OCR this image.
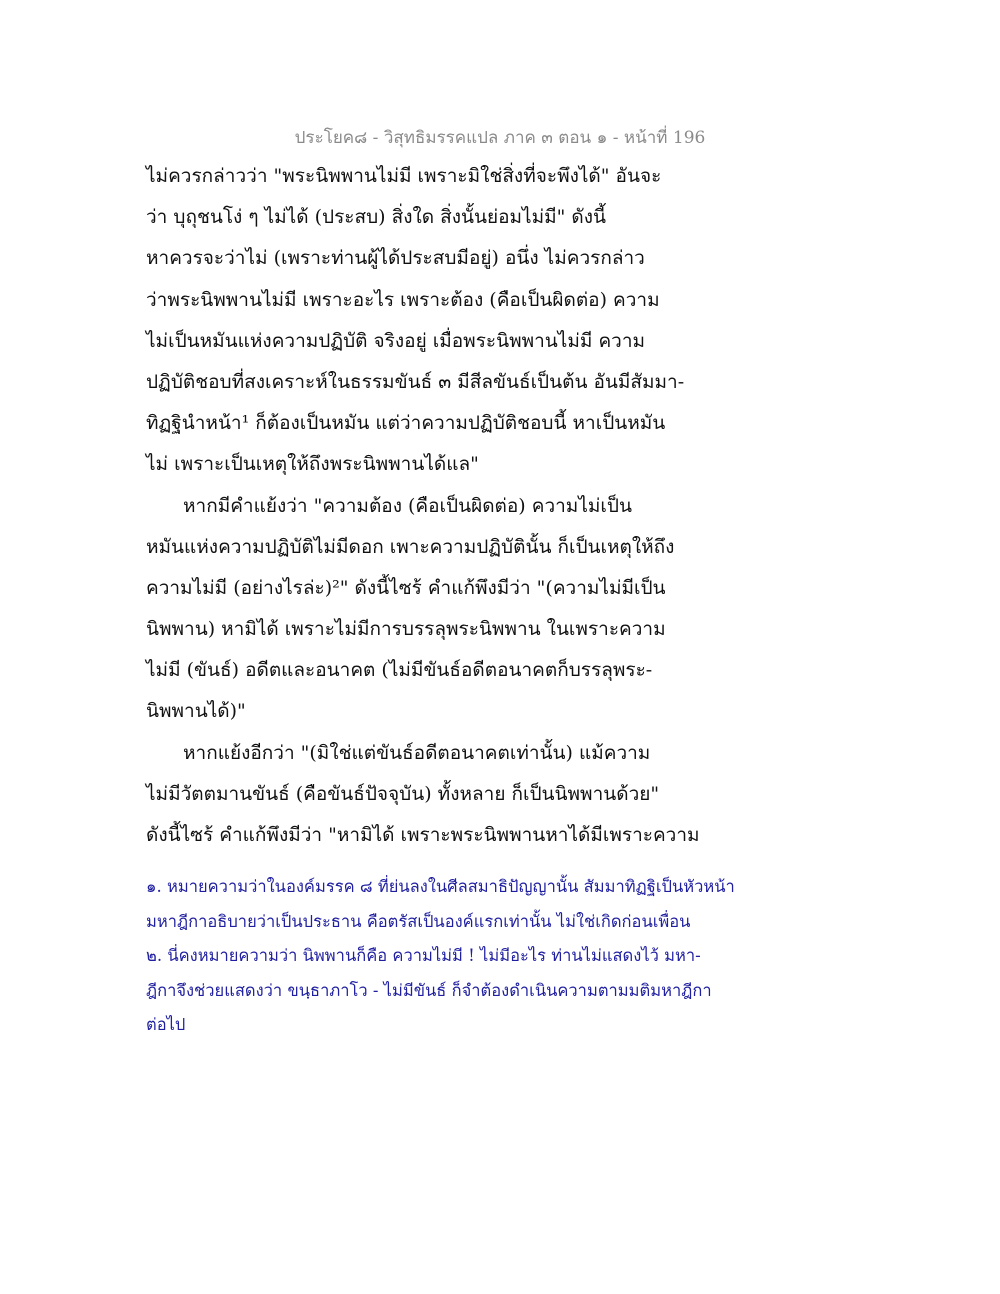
ประโยค๘ - วิสุทธิมรรคแปล ภาค ๓ ตอน ๑ - หน้าที่ 196
ไม่ควรกล่าวว่า "พระนิพพานไม่มี เพราะมิใช่สิ่งที่จะพึงได้" อันจะ
ว่า บุถุชนโง่ ๆ ไม่ได้ (ประสบ) สิ่งใด สิ่งนั้นย่อมไม่มี" ดังนี้
หาควรจะว่าไม่ (เพราะท่านผู้ได้ประสบมีอยู่) อนึ่ง ไม่ควรกล่าว
ว่าพระนิพพานไม่มี เพราะอะไร เพราะต้อง (คือเป็นผิดต่อ) ความ
ไม่เป็นหมันแห่งความปฏิบัติ จริงอยู่ เมื่อพระนิพพานไม่มี ความ
ปฏิบัติชอบที่สงเคราะห์ในธรรมขันธ์ ๓ มีสีลขันธ์เป็นต้น อันมีสัมมา-
ทิฏฐินำหน้า¹ ก็ต้องเป็นหมัน แต่ว่าความปฏิบัติชอบนี้ หาเป็นหมัน
ไม่ เพราะเป็นเหตุให้ถึงพระนิพพานได้แล"
หากมีคำแย้งว่า "ความต้อง (คือเป็นผิดต่อ) ความไม่เป็น
หมันแห่งความปฏิบัติไม่มีดอก เพาะความปฏิบัตินั้น ก็เป็นเหตุให้ถึง
ความไม่มี (อย่างไรล่ะ)²" ดังนี้ไซร้ คำแก้พึงมีว่า "(ความไม่มีเป็น
นิพพาน) หามิได้ เพราะไม่มีการบรรลุพระนิพพาน ในเพราะความ
ไม่มี (ขันธ์) อดีตและอนาคต (ไม่มีขันธ์อดีตอนาคตก็บรรลุพระ-
นิพพานได้)"
หากแย้งอีกว่า "(มิใช่แต่ขันธ์อดีตอนาคตเท่านั้น) แม้ความ
ไม่มีวัตตมานขันธ์ (คือขันธ์ปัจจุบัน) ทั้งหลาย ก็เป็นนิพพานด้วย"
ดังนี้ไซร้ คำแก้พึงมีว่า "หามิได้ เพราะพระนิพพานหาได้มีเพราะความ
๑. หมายความว่าในองค์มรรค ๘ ที่ย่นลงในศีลสมาธิปัญญานั้น สัมมาทิฏฐิเป็นหัวหน้า
มหาฎีกาอธิบายว่าเป็นประธาน คือตรัสเป็นองค์แรกเท่านั้น ไม่ใช่เกิดก่อนเพื่อน
๒. นี่คงหมายความว่า นิพพานก็คือ ความไม่มี ! ไม่มีอะไร ท่านไม่แสดงไว้ มหา-
ฎีกาจึงช่วยแสดงว่า ขนฺธาภาโว - ไม่มีขันธ์ ก็จำต้องดำเนินความตามมติมหาฎีกา
ต่อไป
